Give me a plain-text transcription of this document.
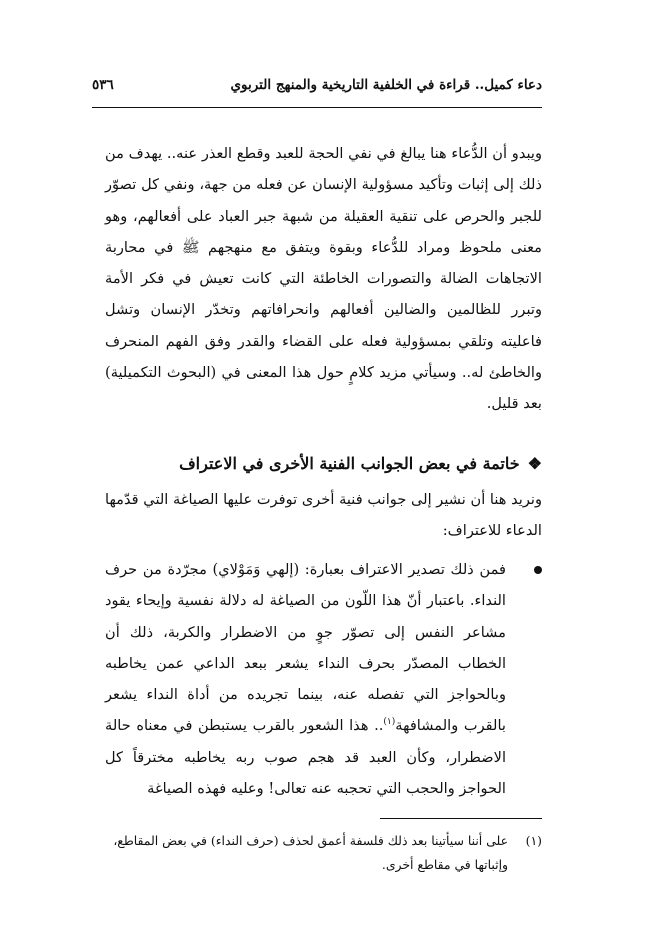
دعاء كميل.. قراءة في الخلفية التاريخية والمنهج التربوي
٥٣٦

ويبدو أن الدُّعاء هنا يبالغ في نفي الحجة للعبد وقطع العذر عنه.. يهدف من ذلك إلى إثبات وتأكيد مسؤولية الإنسان عن فعله من جهة، ونفي كل تصوّر للجبر والحرص على تنقية العقيلة من شبهة جبر العباد على أفعالهم، وهو معنى ملحوظ ومراد للدُّعاء وبقوة ويتفق مع منهجهم ﷺ في محاربة الاتجاهات الضالة والتصورات الخاطئة التي كانت تعيش في فكر الأمة وتبرر للظالمين والضالين أفعالهم وانحرافاتهم وتخدّر الإنسان وتشل فاعليته وتلقي بمسؤولية فعله على القضاء والقدر وفق الفهم المنحرف والخاطئ له.. وسيأتي مزيد كلامٍ حول هذا المعنى في (البحوث التكميلية) بعد قليل.

❖خاتمة في بعض الجوانب الفنية الأخرى في الاعتراف

ونريد هنا أن نشير إلى جوانب فنية أخرى توفرت عليها الصياغة التي قدّمها الدعاء للاعتراف:

فمن ذلك تصدير الاعتراف بعبارة: (إلهي وَمَوْلاي) مجرّدة من حرف النداء. باعتبار أنّ هذا اللّون من الصياغة له دلالة نفسية وإيحاء يقود مشاعر النفس إلى تصوّر جوٍ من الاضطرار والكربة، ذلك أن الخطاب المصدّر بحرف النداء يشعر ببعد الداعي عمن يخاطبه وبالحواجز التي تفصله عنه، بينما تجريده من أداة النداء يشعر بالقرب والمشافهة$^{(١)}$.. هذا الشعور بالقرب يستبطن في معناه حالة الاضطرار، وكأن العبد قد هجم صوب ربه يخاطبه مخترقاً كل الحواجز والحجب التي تحجبه عنه تعالى! وعليه فهذه الصياغة

(١)
على أننا سيأتينا بعد ذلك فلسفة أعمق لحذف (حرف النداء) في بعض المقاطع، وإثباتها في مقاطع أخرى.
